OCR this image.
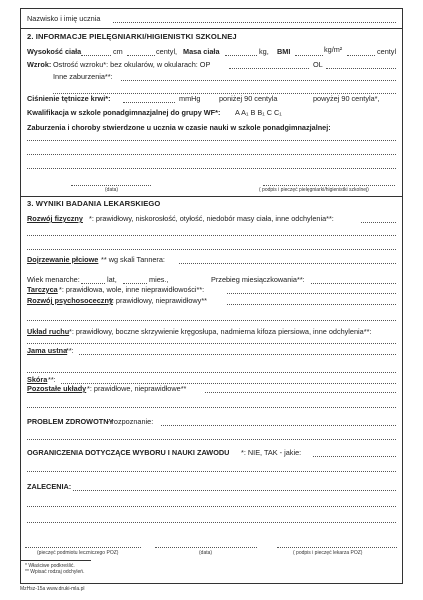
Nazwisko i imię ucznia
2. INFORMACJE PIELĘGNIARKI/HIGIENISTKI SZKOLNEJ
Wysokość ciała	cm	centyl, Masa ciała	kg, BMI	kg/m²	centyl
Wzrok: Ostrość wzroku*: bez okularów, w okularach: OP	OL
Inne zaburzenia**:
Ciśnienie tętnicze krwi*:	mmHg	poniżej 90 centyla	powyżej 90 centyla*,
Kwalifikacja w szkole ponadgimnazjalnej do grupy WF*: A A₁ B B₁ C C₁
Zaburzenia i choroby stwierdzone u ucznia w czasie nauki w szkole ponadgimnazjalnej:
(data)	( podpis i pieczęć pielęgniarki/higienistki szkolnej)
3. WYNIKI BADANIA LEKARSKIEGO
Rozwój fizyczny *: prawidłowy, niskorosłość, otyłość, niedobór masy ciała, inne odchylenia**:
Dojrzewanie płciowe ** wg skali Tannera:
Wiek menarche:	lat,	mies.,	Przebieg miesiączkowania**:
Tarczyca *: prawidłowa, wole, inne nieprawidłowości**:
Rozwój psychosoceczny
*: prawidłowy, nieprawidłowy**
Układ ruchu *: prawidłowy, boczne skrzywienie kręgosłupa, nadmierna kifoza piersiowa, inne odchylenia**:
Jama ustna
**:
Skóra **:
Pozostałe układy *: prawidłowe, nieprawidłowe**
PROBLEM ZDROWOTNY
- rozpoznanie:
OGRANICZENIA DOTYCZĄCE WYBORU I NAUKI ZAWODU *: NIE, TAK - jakie:
ZALECENIA:
(pieczęć podmiotu leczniczego POZ)	(data)	( podpis i pieczęć lekarza POZ)
* Właściwe podkreślić.
** Wpisać rodzaj odchyleń.
MzHsz-15a www.druki-mla.pl
